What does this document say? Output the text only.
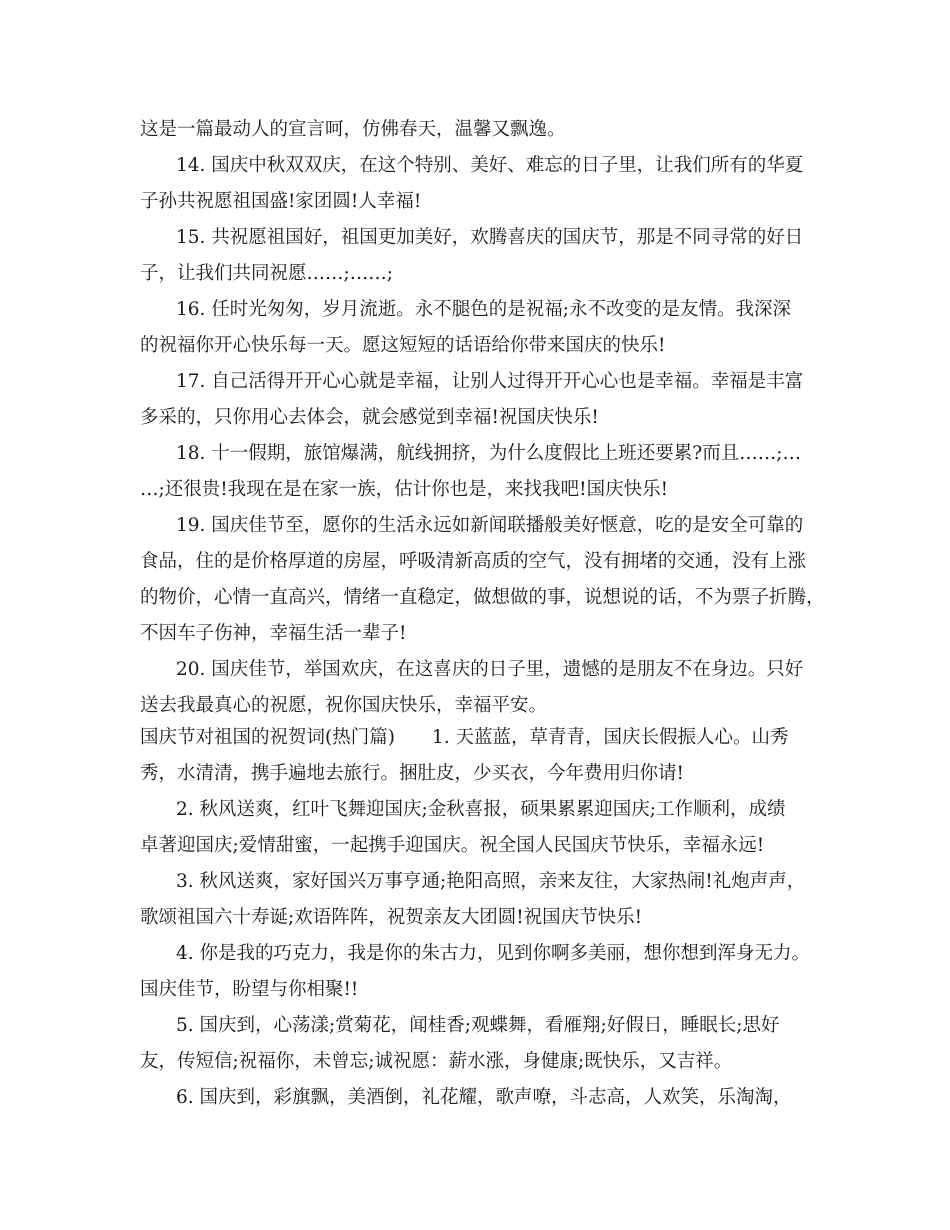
这是一篇最动人的宣言呵，仿佛春天，温馨又飘逸。
14. 国庆中秋双双庆，在这个特别、美好、难忘的日子里，让我们所有的华夏
子孙共祝愿祖国盛!家团圆!人幸福!
15. 共祝愿祖国好，祖国更加美好，欢腾喜庆的国庆节，那是不同寻常的好日
子，让我们共同祝愿……;……;
16. 任时光匆匆，岁月流逝。永不腿色的是祝福;永不改变的是友情。我深深
的祝福你开心快乐每一天。愿这短短的话语给你带来国庆的快乐!
17. 自己活得开开心心就是幸福，让别人过得开开心心也是幸福。幸福是丰富
多采的，只你用心去体会，就会感觉到幸福!祝国庆快乐!
18. 十一假期，旅馆爆满，航线拥挤，为什么度假比上班还要累?而且……;…
…;还很贵!我现在是在家一族，估计你也是，来找我吧!国庆快乐!
19. 国庆佳节至，愿你的生活永远如新闻联播般美好惬意，吃的是安全可靠的
食品，住的是价格厚道的房屋，呼吸清新高质的空气，没有拥堵的交通，没有上涨
的物价，心情一直高兴，情绪一直稳定，做想做的事，说想说的话，不为票子折腾，
不因车子伤神，幸福生活一辈子!
20. 国庆佳节，举国欢庆，在这喜庆的日子里，遗憾的是朋友不在身边。只好
送去我最真心的祝愿，祝你国庆快乐，幸福平安。
国庆节对祖国的祝贺词(热门篇)　　1. 天蓝蓝，草青青，国庆长假振人心。山秀
秀，水清清，携手遍地去旅行。捆肚皮，少买衣，今年费用归你请!
2. 秋风送爽，红叶飞舞迎国庆;金秋喜报，硕果累累迎国庆;工作顺利，成绩
卓著迎国庆;爱情甜蜜，一起携手迎国庆。祝全国人民国庆节快乐，幸福永远!
3. 秋风送爽，家好国兴万事亨通;艳阳高照，亲来友往，大家热闹!礼炮声声，
歌颂祖国六十寿诞;欢语阵阵，祝贺亲友大团圆!祝国庆节快乐!
4. 你是我的巧克力，我是你的朱古力，见到你啊多美丽，想你想到浑身无力。
国庆佳节，盼望与你相聚!!
5. 国庆到，心荡漾;赏菊花，闻桂香;观蝶舞，看雁翔;好假日，睡眠长;思好
友，传短信;祝福你，未曾忘;诚祝愿：薪水涨，身健康;既快乐，又吉祥。
6. 国庆到，彩旗飘，美酒倒，礼花耀，歌声嘹，斗志高，人欢笑，乐淘淘，
